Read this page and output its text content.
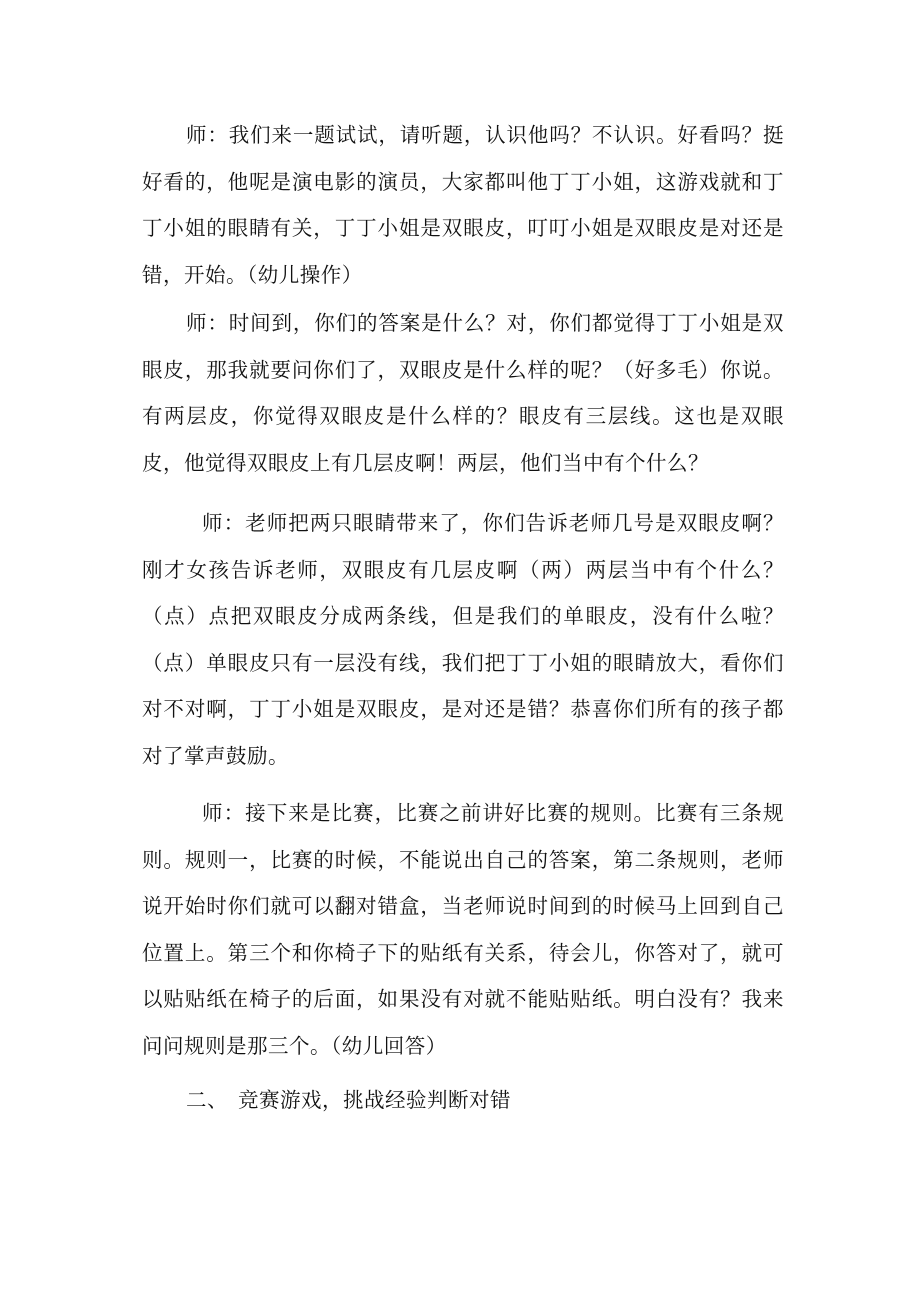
师：我们来一题试试，请听题，认识他吗？不认识。好看吗？挺好看的，他呢是演电影的演员，大家都叫他丁丁小姐，这游戏就和丁丁小姐的眼睛有关，丁丁小姐是双眼皮，叮叮小姐是双眼皮是对还是错，开始。（幼儿操作）

师：时间到，你们的答案是什么？对，你们都觉得丁丁小姐是双眼皮，那我就要问你们了，双眼皮是什么样的呢？（好多毛）你说。有两层皮，你觉得双眼皮是什么样的？眼皮有三层线。这也是双眼皮，他觉得双眼皮上有几层皮啊！两层，他们当中有个什么？

师：老师把两只眼睛带来了，你们告诉老师几号是双眼皮啊？刚才女孩告诉老师，双眼皮有几层皮啊（两）两层当中有个什么？（点）点把双眼皮分成两条线，但是我们的单眼皮，没有什么啦？（点）单眼皮只有一层没有线，我们把丁丁小姐的眼睛放大，看你们对不对啊，丁丁小姐是双眼皮，是对还是错？恭喜你们所有的孩子都对了掌声鼓励。

师：接下来是比赛，比赛之前讲好比赛的规则。比赛有三条规则。规则一，比赛的时候，不能说出自己的答案，第二条规则，老师说开始时你们就可以翻对错盒，当老师说时间到的时候马上回到自己位置上。第三个和你椅子下的贴纸有关系，待会儿，你答对了，就可以贴贴纸在椅子的后面，如果没有对就不能贴贴纸。明白没有？我来问问规则是那三个。（幼儿回答）

二、 竞赛游戏，挑战经验判断对错
